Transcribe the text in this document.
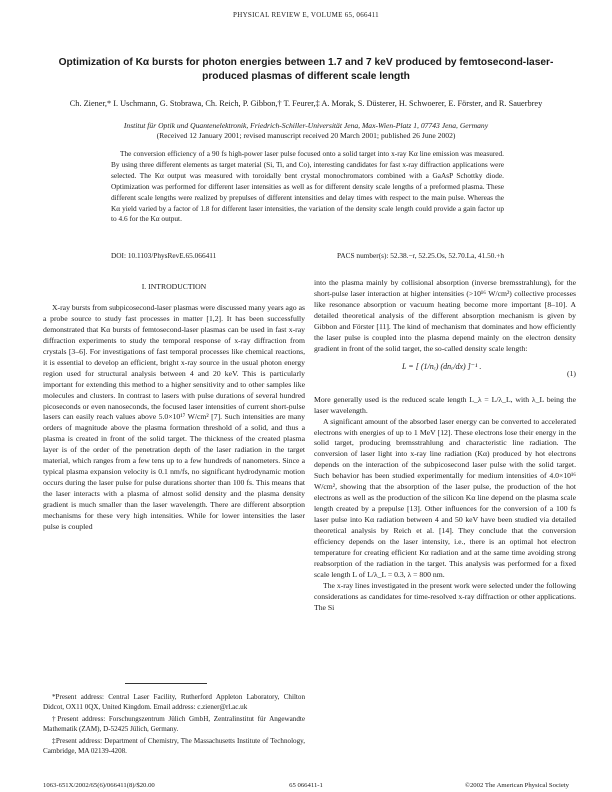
PHYSICAL REVIEW E, VOLUME 65, 066411
Optimization of Kα bursts for photon energies between 1.7 and 7 keV produced by femtosecond-laser-produced plasmas of different scale length
Ch. Ziener,* I. Uschmann, G. Stobrawa, Ch. Reich, P. Gibbon,† T. Feurer,‡ A. Morak, S. Düsterer, H. Schwoerer, E. Förster, and R. Sauerbrey
Institut für Optik und Quantenelektronik, Friedrich-Schiller-Universität Jena, Max-Wien-Platz 1, 07743 Jena, Germany
(Received 12 January 2001; revised manuscript received 20 March 2001; published 26 June 2002)
The conversion efficiency of a 90 fs high-power laser pulse focused onto a solid target into x-ray Kα line emission was measured. By using three different elements as target material (Si, Ti, and Co), interesting candidates for fast x-ray diffraction applications were selected. The Kα output was measured with toroidally bent crystal monochromators combined with a GaAsP Schottky diode. Optimization was performed for different laser intensities as well as for different density scale lengths of a preformed plasma. These different scale lengths were realized by prepulses of different intensities and delay times with respect to the main pulse. Whereas the Kα yield varied by a factor of 1.8 for different laser intensities, the variation of the density scale length could provide a gain factor up to 4.6 for the Kα output.
DOI: 10.1103/PhysRevE.65.066411	PACS number(s): 52.38.−r, 52.25.Os, 52.70.La, 41.50.+h
I. INTRODUCTION

X-ray bursts from subpicosecond-laser plasmas were discussed many years ago as a probe source to study fast processes in matter [1,2]. It has been successfully demonstrated that Kα bursts of femtosecond-laser plasmas can be used in fast x-ray diffraction experiments to study the temporal response of x-ray diffraction from crystals [3–6]. For investigations of fast temporal processes like chemical reactions, it is essential to develop an efficient, bright x-ray source in the usual photon energy region used for structural analysis between 4 and 20 keV. This is particularly important for extending this method to a higher sensitivity and to other samples like molecules and clusters. In contrast to lasers with pulse durations of several hundred picoseconds or even nanoseconds, the focused laser intensities of current short-pulse lasers can easily reach values above 5.0×10¹⁷ W/cm² [7]. Such intensities are many orders of magnitude above the plasma formation threshold of a solid, and thus a plasma is created in front of the solid target. The thickness of the created plasma layer is of the order of the penetration depth of the laser radiation in the target material, which ranges from a few tens up to a few hundreds of nanometers. Since a typical plasma expansion velocity is 0.1 nm/fs, no significant hydrodynamic motion occurs during the laser pulse for pulse durations shorter than 100 fs. This means that the laser interacts with a plasma of almost solid density and the plasma density gradient is much smaller than the laser wavelength. There are different absorption mechanisms for these very high intensities. While for lower intensities the laser pulse is coupled

into the plasma mainly by collisional absorption (inverse bremsstrahlung), for the short-pulse laser interaction at higher intensities (>10¹⁶ W/cm²) collective processes like resonance absorption or vacuum heating become more important [8–10]. A detailed theoretical analysis of the different absorption mechanism is given by Gibbon and Förster [11]. The kind of mechanism that dominates and how efficiently the laser pulse is coupled into the plasma depend mainly on the electron density gradient in front of the solid target, the so-called density scale length:

L = [ (1/nₑ) (dnₑ/dx) ]⁻¹ .
(1)

More generally used is the reduced scale length L_λ = L/λ_L, with λ_L being the laser wavelength.

A significant amount of the absorbed laser energy can be converted to accelerated electrons with energies of up to 1 MeV [12]. These electrons lose their energy in the solid target, producing bremsstrahlung and characteristic line radiation. The conversion of laser light into x-ray line radiation (Kα) produced by hot electrons depends on the interaction of the subpicosecond laser pulse with the solid target. Such behavior has been studied experimentally for medium intensities of 4.0×10¹⁶ W/cm², showing that the absorption of the laser pulse, the production of the hot electrons as well as the production of the silicon Kα line depend on the plasma scale length created by a prepulse [13]. Other influences for the conversion of a 100 fs laser pulse into Kα radiation between 4 and 50 keV have been studied via detailed theoretical analysis by Reich et al. [14]. They conclude that the conversion efficiency depends on the laser intensity, i.e., there is an optimal hot electron temperature for creating efficient Kα radiation and at the same time avoiding strong reabsorption of the radiation in the target. This analysis was performed for a fixed scale length L of L/λ_L = 0.3, λ = 800 nm.

The x-ray lines investigated in the present work were selected under the following considerations as candidates for time-resolved x-ray diffraction or other applications. The Si

*Present address: Central Laser Facility, Rutherford Appleton Laboratory, Chilton Didcot, OX11 0QX, United Kingdom. Email address: c.ziener@rl.ac.uk

†Present address: Forschungszentrum Jülich GmbH, Zentralinstitut für Angewandte Mathematik (ZAM), D-52425 Jülich, Germany.

‡Present address: Department of Chemistry, The Massachusetts Institute of Technology, Cambridge, MA 02139-4208.

1063-651X/2002/65(6)/066411(8)/$20.00	65 066411-1	©2002 The American Physical Society
